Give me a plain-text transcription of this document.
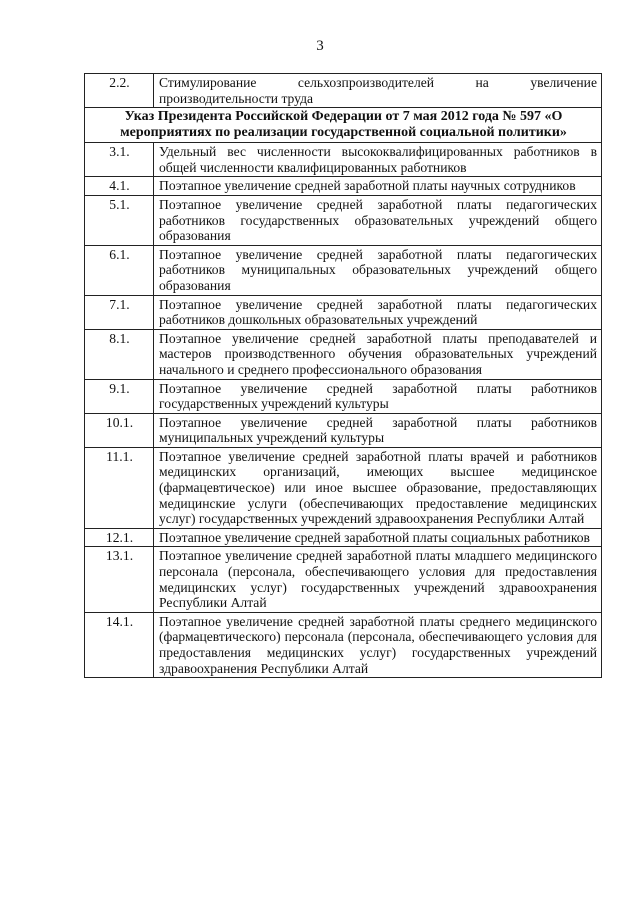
3
2.2.	Стимулирование сельхозпроизводителей на увеличение производительности труда
Указ Президента Российской Федерации от 7 мая 2012 года № 597 «О мероприятиях по реализации государственной социальной политики»	
3.1.	Удельный вес численности высококвалифицированных работников в общей численности квалифицированных работников
4.1.	Поэтапное увеличение средней заработной платы научных сотрудников
5.1.	Поэтапное увеличение средней заработной платы педагогических работников государственных образовательных учреждений общего образования
6.1.	Поэтапное увеличение средней заработной платы педагогических работников муниципальных образовательных учреждений общего образования
7.1.	Поэтапное увеличение средней заработной платы педагогических работников дошкольных образовательных учреждений
8.1.	Поэтапное увеличение средней заработной платы преподавателей и мастеров производственного обучения образовательных учреждений начального и среднего профессионального образования
9.1.	Поэтапное увеличение средней заработной платы работников государственных учреждений культуры
10.1.	Поэтапное увеличение средней заработной платы работников муниципальных учреждений культуры
11.1.	Поэтапное увеличение средней заработной платы врачей и работников медицинских организаций, имеющих высшее медицинское (фармацевтическое) или иное высшее образование, предоставляющих медицинские услуги (обеспечивающих предоставление медицинских услуг) государственных учреждений здравоохранения Республики Алтай
12.1.	Поэтапное увеличение средней заработной платы социальных работников
13.1.	Поэтапное увеличение средней заработной платы младшего медицинского персонала (персонала, обеспечивающего условия для предоставления медицинских услуг) государственных учреждений здравоохранения Республики Алтай
14.1.	Поэтапное увеличение средней заработной платы среднего медицинского (фармацевтического) персонала (персонала, обеспечивающего условия для предоставления медицинских услуг) государственных учреждений здравоохранения Республики Алтай
